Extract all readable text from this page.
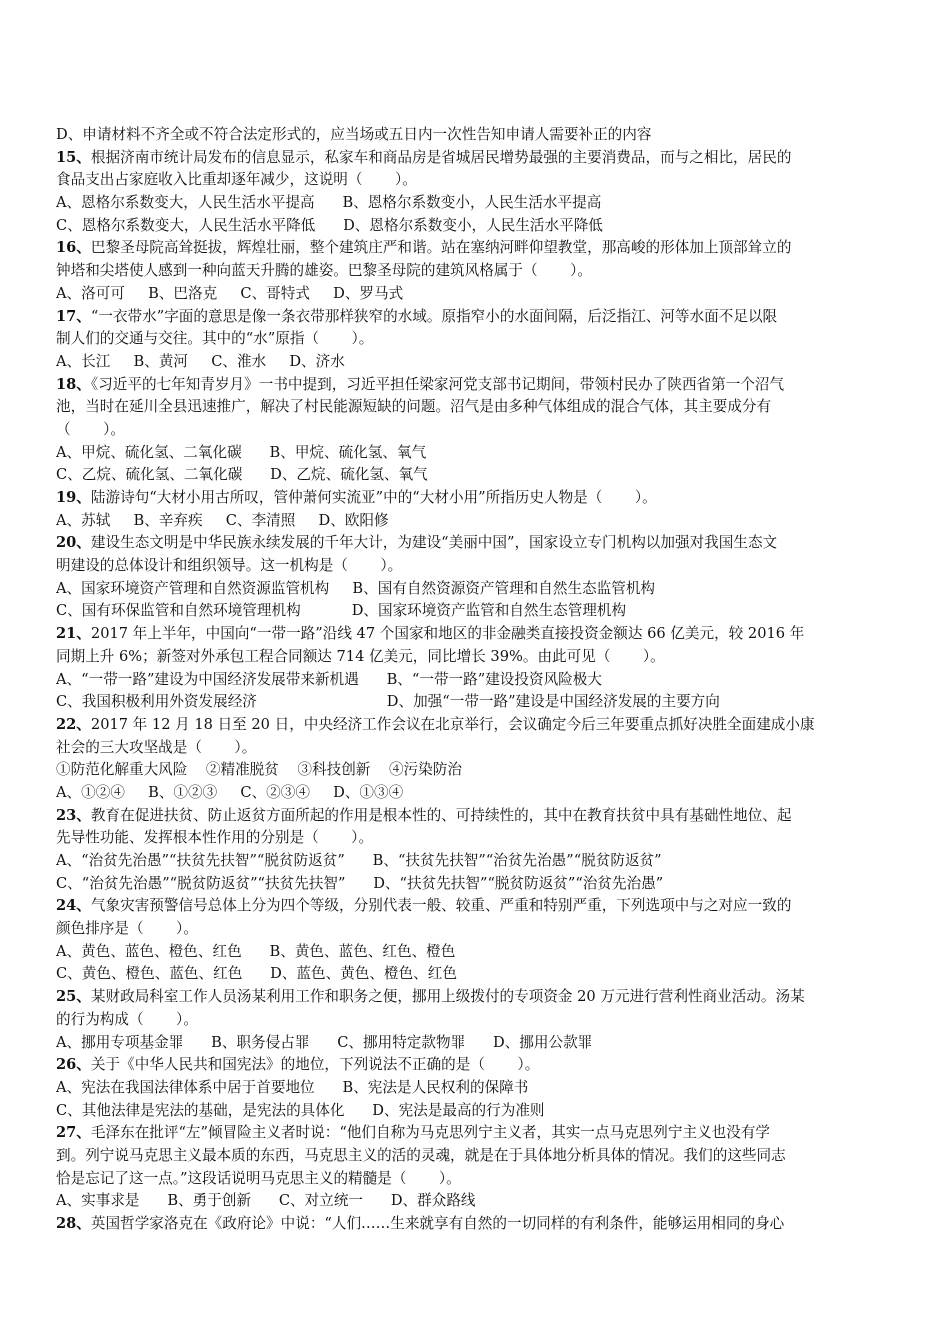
D、申请材料不齐全或不符合法定形式的，应当场或五日内一次性告知申请人需要补正的内容
15、根据济南市统计局发布的信息显示，私家车和商品房是省城居民增势最强的主要消费品，而与之相比，居民的
食品支出占家庭收入比重却逐年减少，这说明（       ）。
A、恩格尔系数变大，人民生活水平提高      B、恩格尔系数变小，人民生活水平提高
C、恩格尔系数变大，人民生活水平降低      D、恩格尔系数变小，人民生活水平降低
16、巴黎圣母院高耸挺拔，辉煌壮丽，整个建筑庄严和谐。站在塞纳河畔仰望教堂，那高峻的形体加上顶部耸立的
钟塔和尖塔使人感到一种向蓝天升腾的雄姿。巴黎圣母院的建筑风格属于（       ）。
A、洛可可     B、巴洛克     C、哥特式     D、罗马式
17、“一衣带水”字面的意思是像一条衣带那样狭窄的水域。原指窄小的水面间隔，后泛指江、河等水面不足以限
制人们的交通与交往。其中的“水”原指（       ）。
A、长江     B、黄河     C、淮水     D、济水
18、《习近平的七年知青岁月》一书中提到，习近平担任梁家河党支部书记期间，带领村民办了陕西省第一个沼气
池，当时在延川全县迅速推广，解决了村民能源短缺的问题。沼气是由多种气体组成的混合气体，其主要成分有
（       ）。
A、甲烷、硫化氢、二氧化碳      B、甲烷、硫化氢、氧气
C、乙烷、硫化氢、二氧化碳      D、乙烷、硫化氢、氧气
19、陆游诗句“大材小用古所叹，管仲萧何实流亚”中的“大材小用”所指历史人物是（       ）。
A、苏轼     B、辛弃疾     C、李清照     D、欧阳修
20、建设生态文明是中华民族永续发展的千年大计，为建设“美丽中国”，国家设立专门机构以加强对我国生态文
明建设的总体设计和组织领导。这一机构是（       ）。
A、国家环境资产管理和自然资源监管机构     B、国有自然资源资产管理和自然生态监管机构
C、国有环保监管和自然环境管理机构           D、国家环境资产监管和自然生态管理机构
21、2017 年上半年，中国向“一带一路”沿线 47 个国家和地区的非金融类直接投资金额达 66 亿美元，较 2016 年
同期上升 6%；新签对外承包工程合同额达 714 亿美元，同比增长 39%。由此可见（       ）。
A、“一带一路”建设为中国经济发展带来新机遇      B、“一带一路”建设投资风险极大
C、我国积极利用外资发展经济                            D、加强“一带一路”建设是中国经济发展的主要方向
22、2017 年 12 月 18 日至 20 日，中央经济工作会议在北京举行，会议确定今后三年要重点抓好决胜全面建成小康
社会的三大攻坚战是（       ）。
①防范化解重大风险    ②精准脱贫    ③科技创新    ④污染防治
A、①②④     B、①②③     C、②③④     D、①③④
23、教育在促进扶贫、防止返贫方面所起的作用是根本性的、可持续性的，其中在教育扶贫中具有基础性地位、起
先导性功能、发挥根本性作用的分别是（       ）。
A、“治贫先治愚”“扶贫先扶智”“脱贫防返贫”      B、“扶贫先扶智”“治贫先治愚”“脱贫防返贫”
C、“治贫先治愚”“脱贫防返贫”“扶贫先扶智”      D、“扶贫先扶智”“脱贫防返贫”“治贫先治愚”
24、气象灾害预警信号总体上分为四个等级，分别代表一般、较重、严重和特别严重，下列选项中与之对应一致的
颜色排序是（       ）。
A、黄色、蓝色、橙色、红色      B、黄色、蓝色、红色、橙色
C、黄色、橙色、蓝色、红色      D、蓝色、黄色、橙色、红色
25、某财政局科室工作人员汤某利用工作和职务之便，挪用上级拨付的专项资金 20 万元进行营利性商业活动。汤某
的行为构成（       ）。
A、挪用专项基金罪      B、职务侵占罪      C、挪用特定款物罪      D、挪用公款罪
26、关于《中华人民共和国宪法》的地位，下列说法不正确的是（       ）。
A、宪法在我国法律体系中居于首要地位      B、宪法是人民权利的保障书
C、其他法律是宪法的基础，是宪法的具体化      D、宪法是最高的行为准则
27、毛泽东在批评“左”倾冒险主义者时说：“他们自称为马克思列宁主义者，其实一点马克思列宁主义也没有学
到。列宁说马克思主义最本质的东西，马克思主义的活的灵魂，就是在于具体地分析具体的情况。我们的这些同志
恰是忘记了这一点。”这段话说明马克思主义的精髓是（       ）。
A、实事求是      B、勇于创新      C、对立统一      D、群众路线
28、英国哲学家洛克在《政府论》中说：“人们……生来就享有自然的一切同样的有利条件，能够运用相同的身心
